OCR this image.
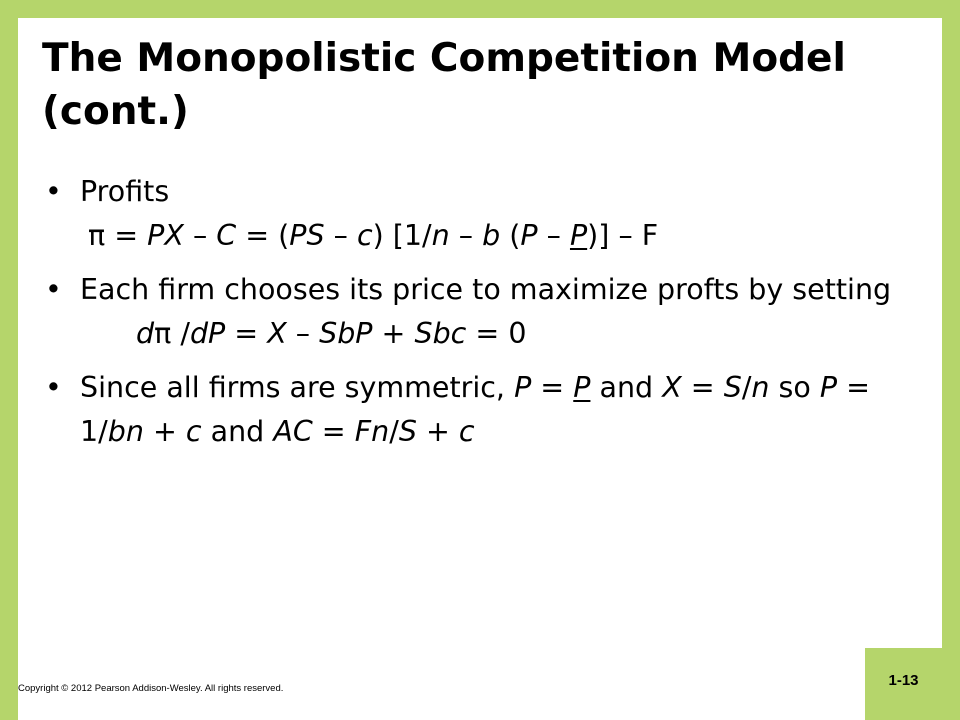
The Monopolistic Competition Model (cont.)
• Profits
π = PX – C = (PS – c) [1/n – b (P – P)] – F
• Each firm chooses its price to maximize profts by setting
dπ /dP = X – SbP + Sbc = 0
• Since all firms are symmetric, P = P and X = S/n so P = 1/bn + c and AC = Fn/S + c
Copyright © 2012 Pearson Addison-Wesley. All rights reserved.	1-13
